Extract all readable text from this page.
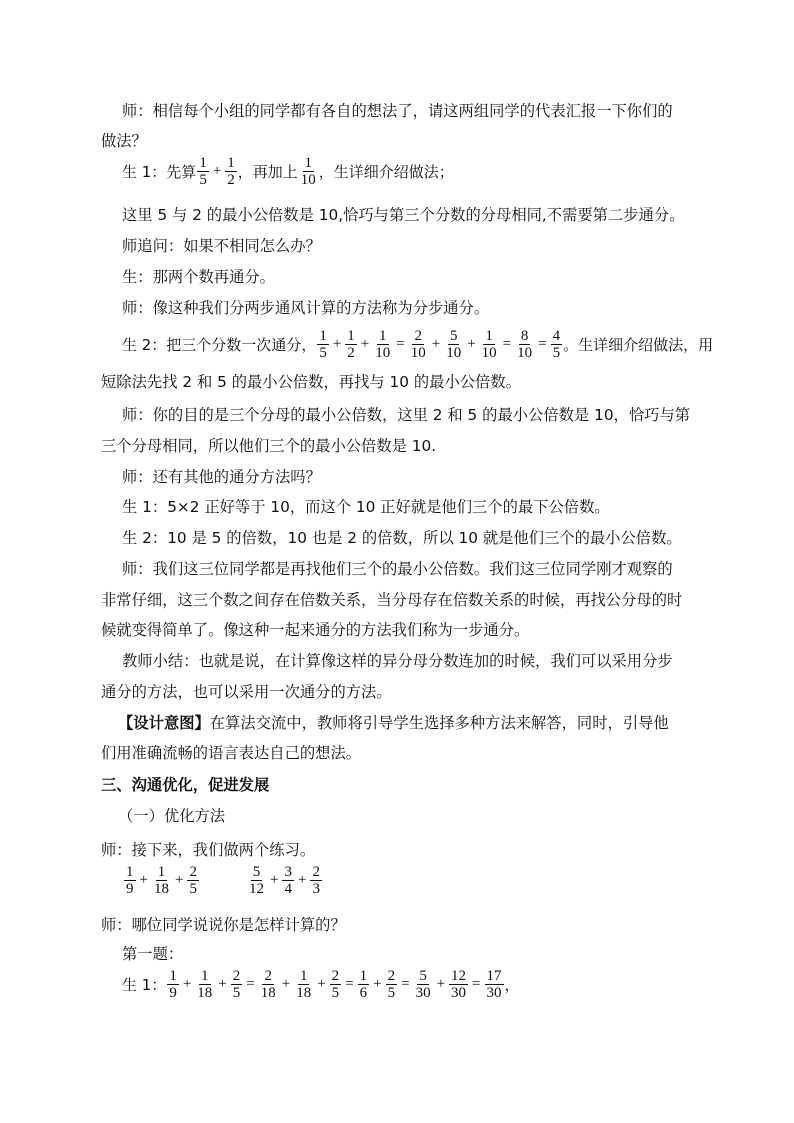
师：相信每个小组的同学都有各自的想法了，请这两组同学的代表汇报一下你们的
做法？
生 1：先算 $\frac{1}{5} + \frac{1}{2}$ ，再加上 $\frac{1}{10}$ ，生详细介绍做法；
这里 5 与 2 的最小公倍数是 10,恰巧与第三个分数的分母相同,不需要第二步通分。
师追问：如果不相同怎么办？
生：那两个数再通分。
师：像这种我们分两步通风计算的方法称为分步通分。
生 2：把三个分数一次通分， $\frac{1}{5} + \frac{1}{2} + \frac{1}{10} = \frac{2}{10} + \frac{5}{10} + \frac{1}{10} = \frac{8}{10} = \frac{4}{5}$ 。生详细介绍做法，用
短除法先找 2 和 5 的最小公倍数，再找与 10 的最小公倍数。
师：你的目的是三个分母的最小公倍数，这里 2 和 5 的最小公倍数是 10，恰巧与第
三个分母相同，所以他们三个的最小公倍数是 10.
师：还有其他的通分方法吗？
生 1：5×2 正好等于 10，而这个 10 正好就是他们三个的最下公倍数。
生 2：10 是 5 的倍数，10 也是 2 的倍数，所以 10 就是他们三个的最小公倍数。
师：我们这三位同学都是再找他们三个的最小公倍数。我们这三位同学刚才观察的
非常仔细，这三个数之间存在倍数关系，当分母存在倍数关系的时候，再找公分母的时
候就变得简单了。像这种一起来通分的方法我们称为一步通分。
教师小结：也就是说，在计算像这样的异分母分数连加的时候，我们可以采用分步
通分的方法，也可以采用一次通分的方法。
【设计意图】在算法交流中，教师将引导学生选择多种方法来解答，同时，引导他
们用准确流畅的语言表达自己的想法。
三、沟通优化，促进发展
（一）优化方法
师：接下来，我们做两个练习。
$\frac{1}{9} + \frac{1}{18} + \frac{2}{5}$	$\frac{5}{12} + \frac{3}{4} + \frac{2}{3}$
师：哪位同学说说你是怎样计算的？
第一题：
生 1： $\frac{1}{9} + \frac{1}{18} + \frac{2}{5} = \frac{2}{18} + \frac{1}{18} + \frac{2}{5} = \frac{1}{6} + \frac{2}{5} = \frac{5}{30} + \frac{12}{30} = \frac{17}{30}$ ，
